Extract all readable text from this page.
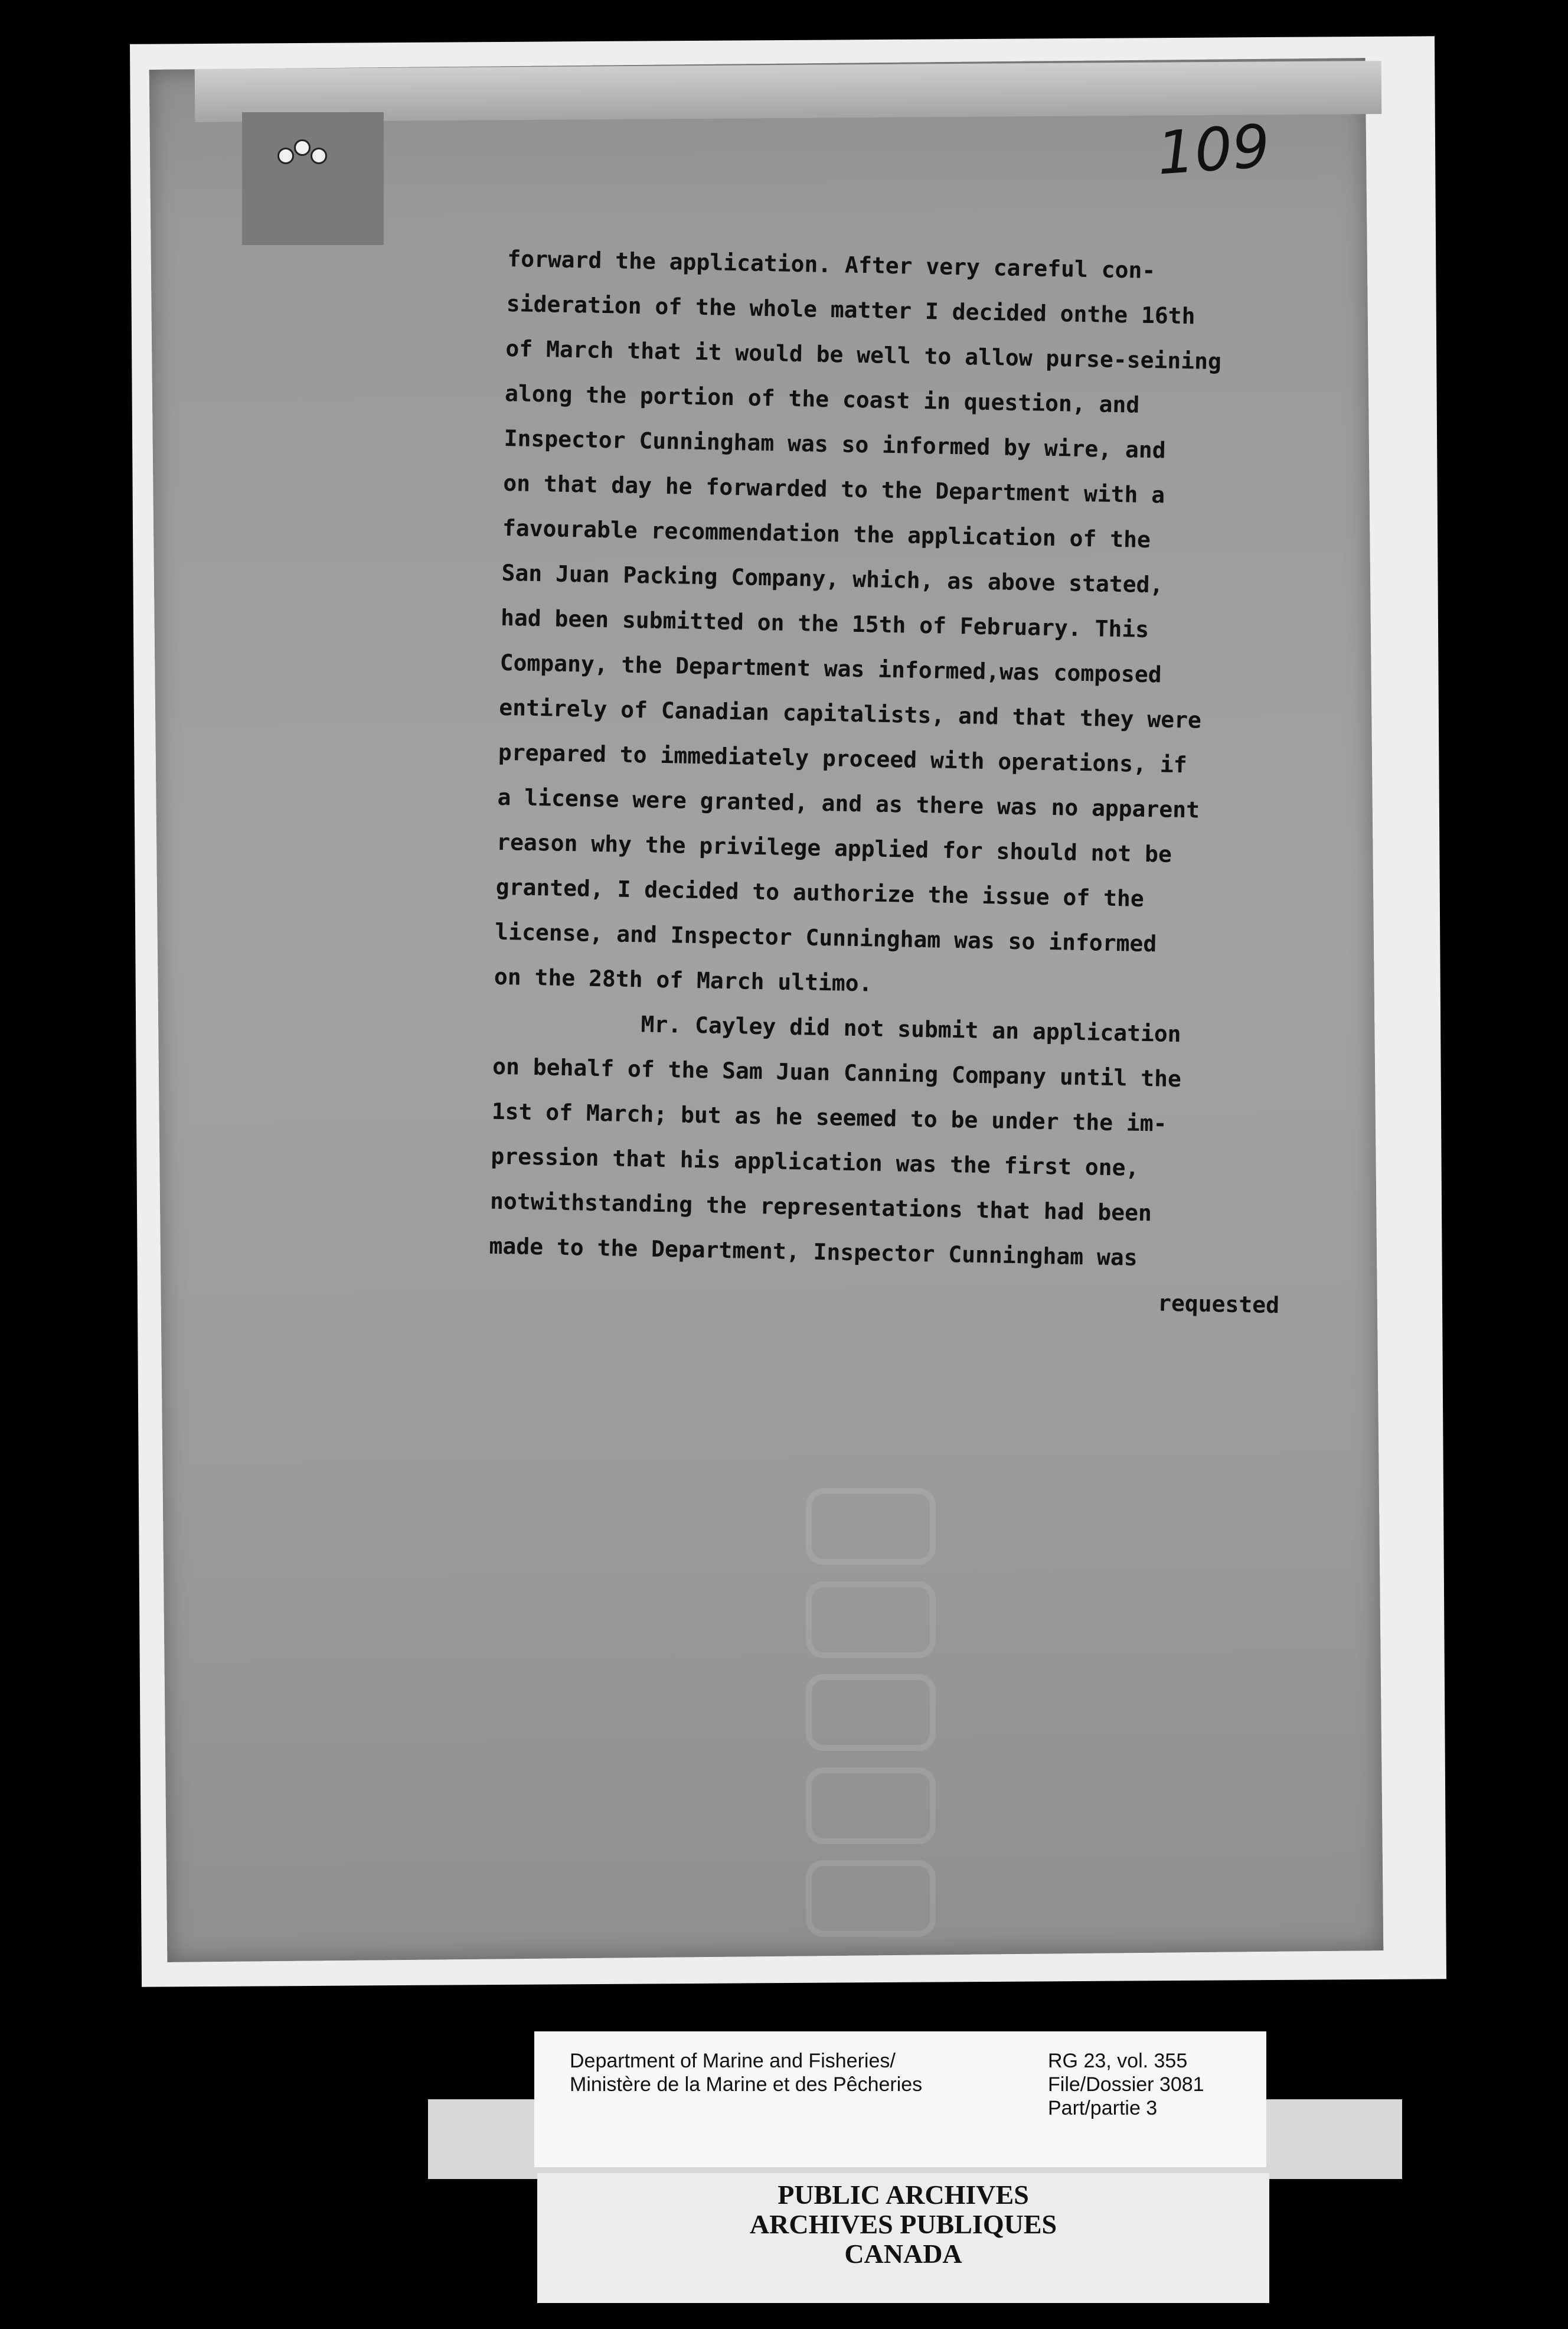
109
forward the application. After very careful con-
sideration of the whole matter I decided onthe 16th
of March that it would be well to allow purse-seining
along the portion of the coast in question, and
Inspector Cunningham was so informed by wire, and
on that day he forwarded to the Department with a
favourable recommendation the application of the
San Juan Packing Company, which, as above stated,
had been submitted on the 15th of February. This
Company, the Department was informed,was composed
entirely of Canadian capitalists, and that they were
prepared to immediately proceed with operations, if
a license were granted, and as there was no apparent
reason why the privilege applied for should not be
granted, I decided to authorize the issue of the
license, and Inspector Cunningham was so informed
on the 28th of March ultimo.
Mr. Cayley did not submit an application
on behalf of the Sam Juan Canning Company until the
1st of March; but as he seemed to be under the im-
pression that his application was the first one,
notwithstanding the representations that had been
made to the Department, Inspector Cunningham was
requested
Department of Marine and Fisheries/
Ministère de la Marine et des Pêcheries
RG 23, vol. 355
File/Dossier 3081
Part/partie 3
PUBLIC ARCHIVES
ARCHIVES PUBLIQUES
CANADA
